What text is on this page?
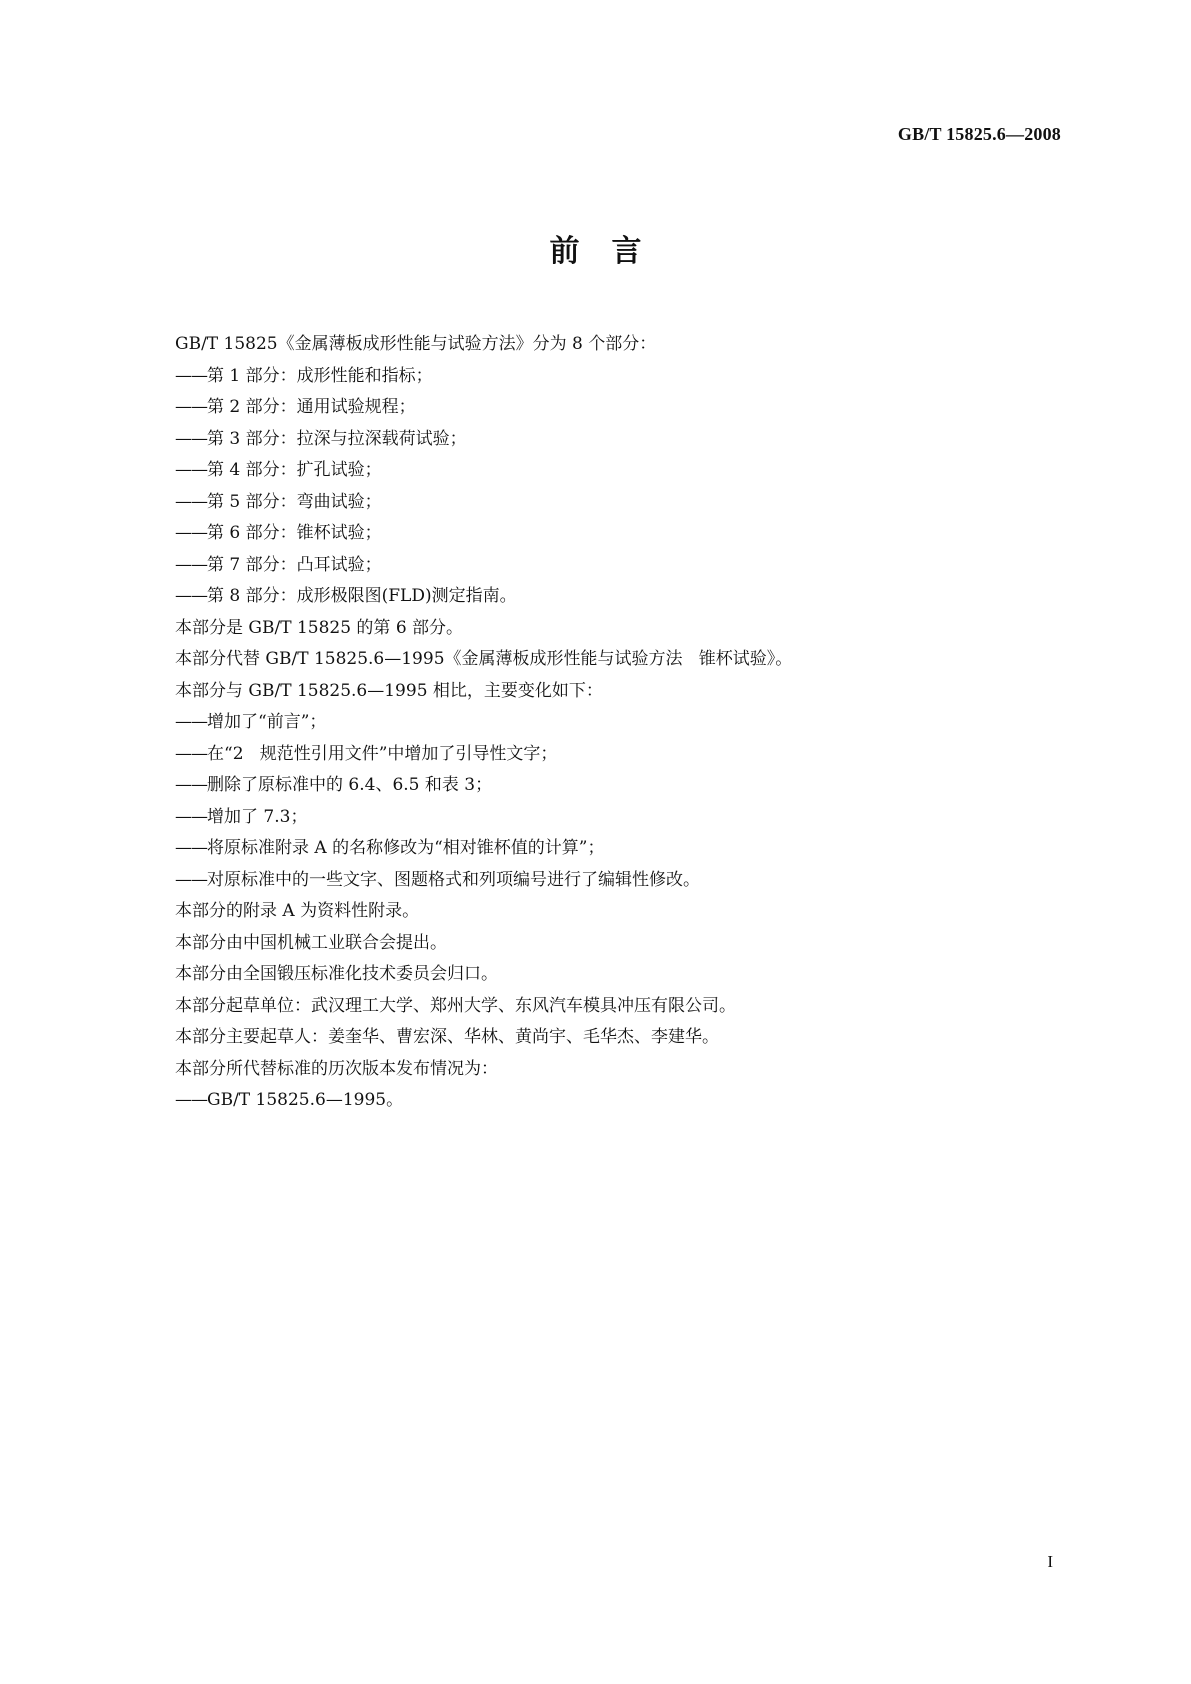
GB/T 15825.6—2008
前言
GB/T 15825《金属薄板成形性能与试验方法》分为 8 个部分：
—— 第 1 部分：成形性能和指标；
—— 第 2 部分：通用试验规程；
—— 第 3 部分：拉深与拉深载荷试验；
—— 第 4 部分：扩孔试验；
—— 第 5 部分：弯曲试验；
—— 第 6 部分：锥杯试验；
—— 第 7 部分：凸耳试验；
—— 第 8 部分：成形极限图(FLD)测定指南。
本部分是 GB/T 15825 的第 6 部分。
本部分代替 GB/T 15825.6—1995《金属薄板成形性能与试验方法   锥杯试验》。
本部分与 GB/T 15825.6—1995 相比，主要变化如下：
—— 增加了“前言”；
—— 在“2   规范性引用文件”中增加了引导性文字；
—— 删除了原标准中的 6.4、6.5 和表 3；
—— 增加了 7.3；
—— 将原标准附录 A 的名称修改为“相对锥杯值的计算”；
—— 对原标准中的一些文字、图题格式和列项编号进行了编辑性修改。
本部分的附录 A 为资料性附录。
本部分由中国机械工业联合会提出。
本部分由全国锻压标准化技术委员会归口。
本部分起草单位：武汉理工大学、郑州大学、东风汽车模具冲压有限公司。
本部分主要起草人：姜奎华、曹宏深、华林、黄尚宇、毛华杰、李建华。
本部分所代替标准的历次版本发布情况为：
—— GB/T 15825.6—1995。
I
